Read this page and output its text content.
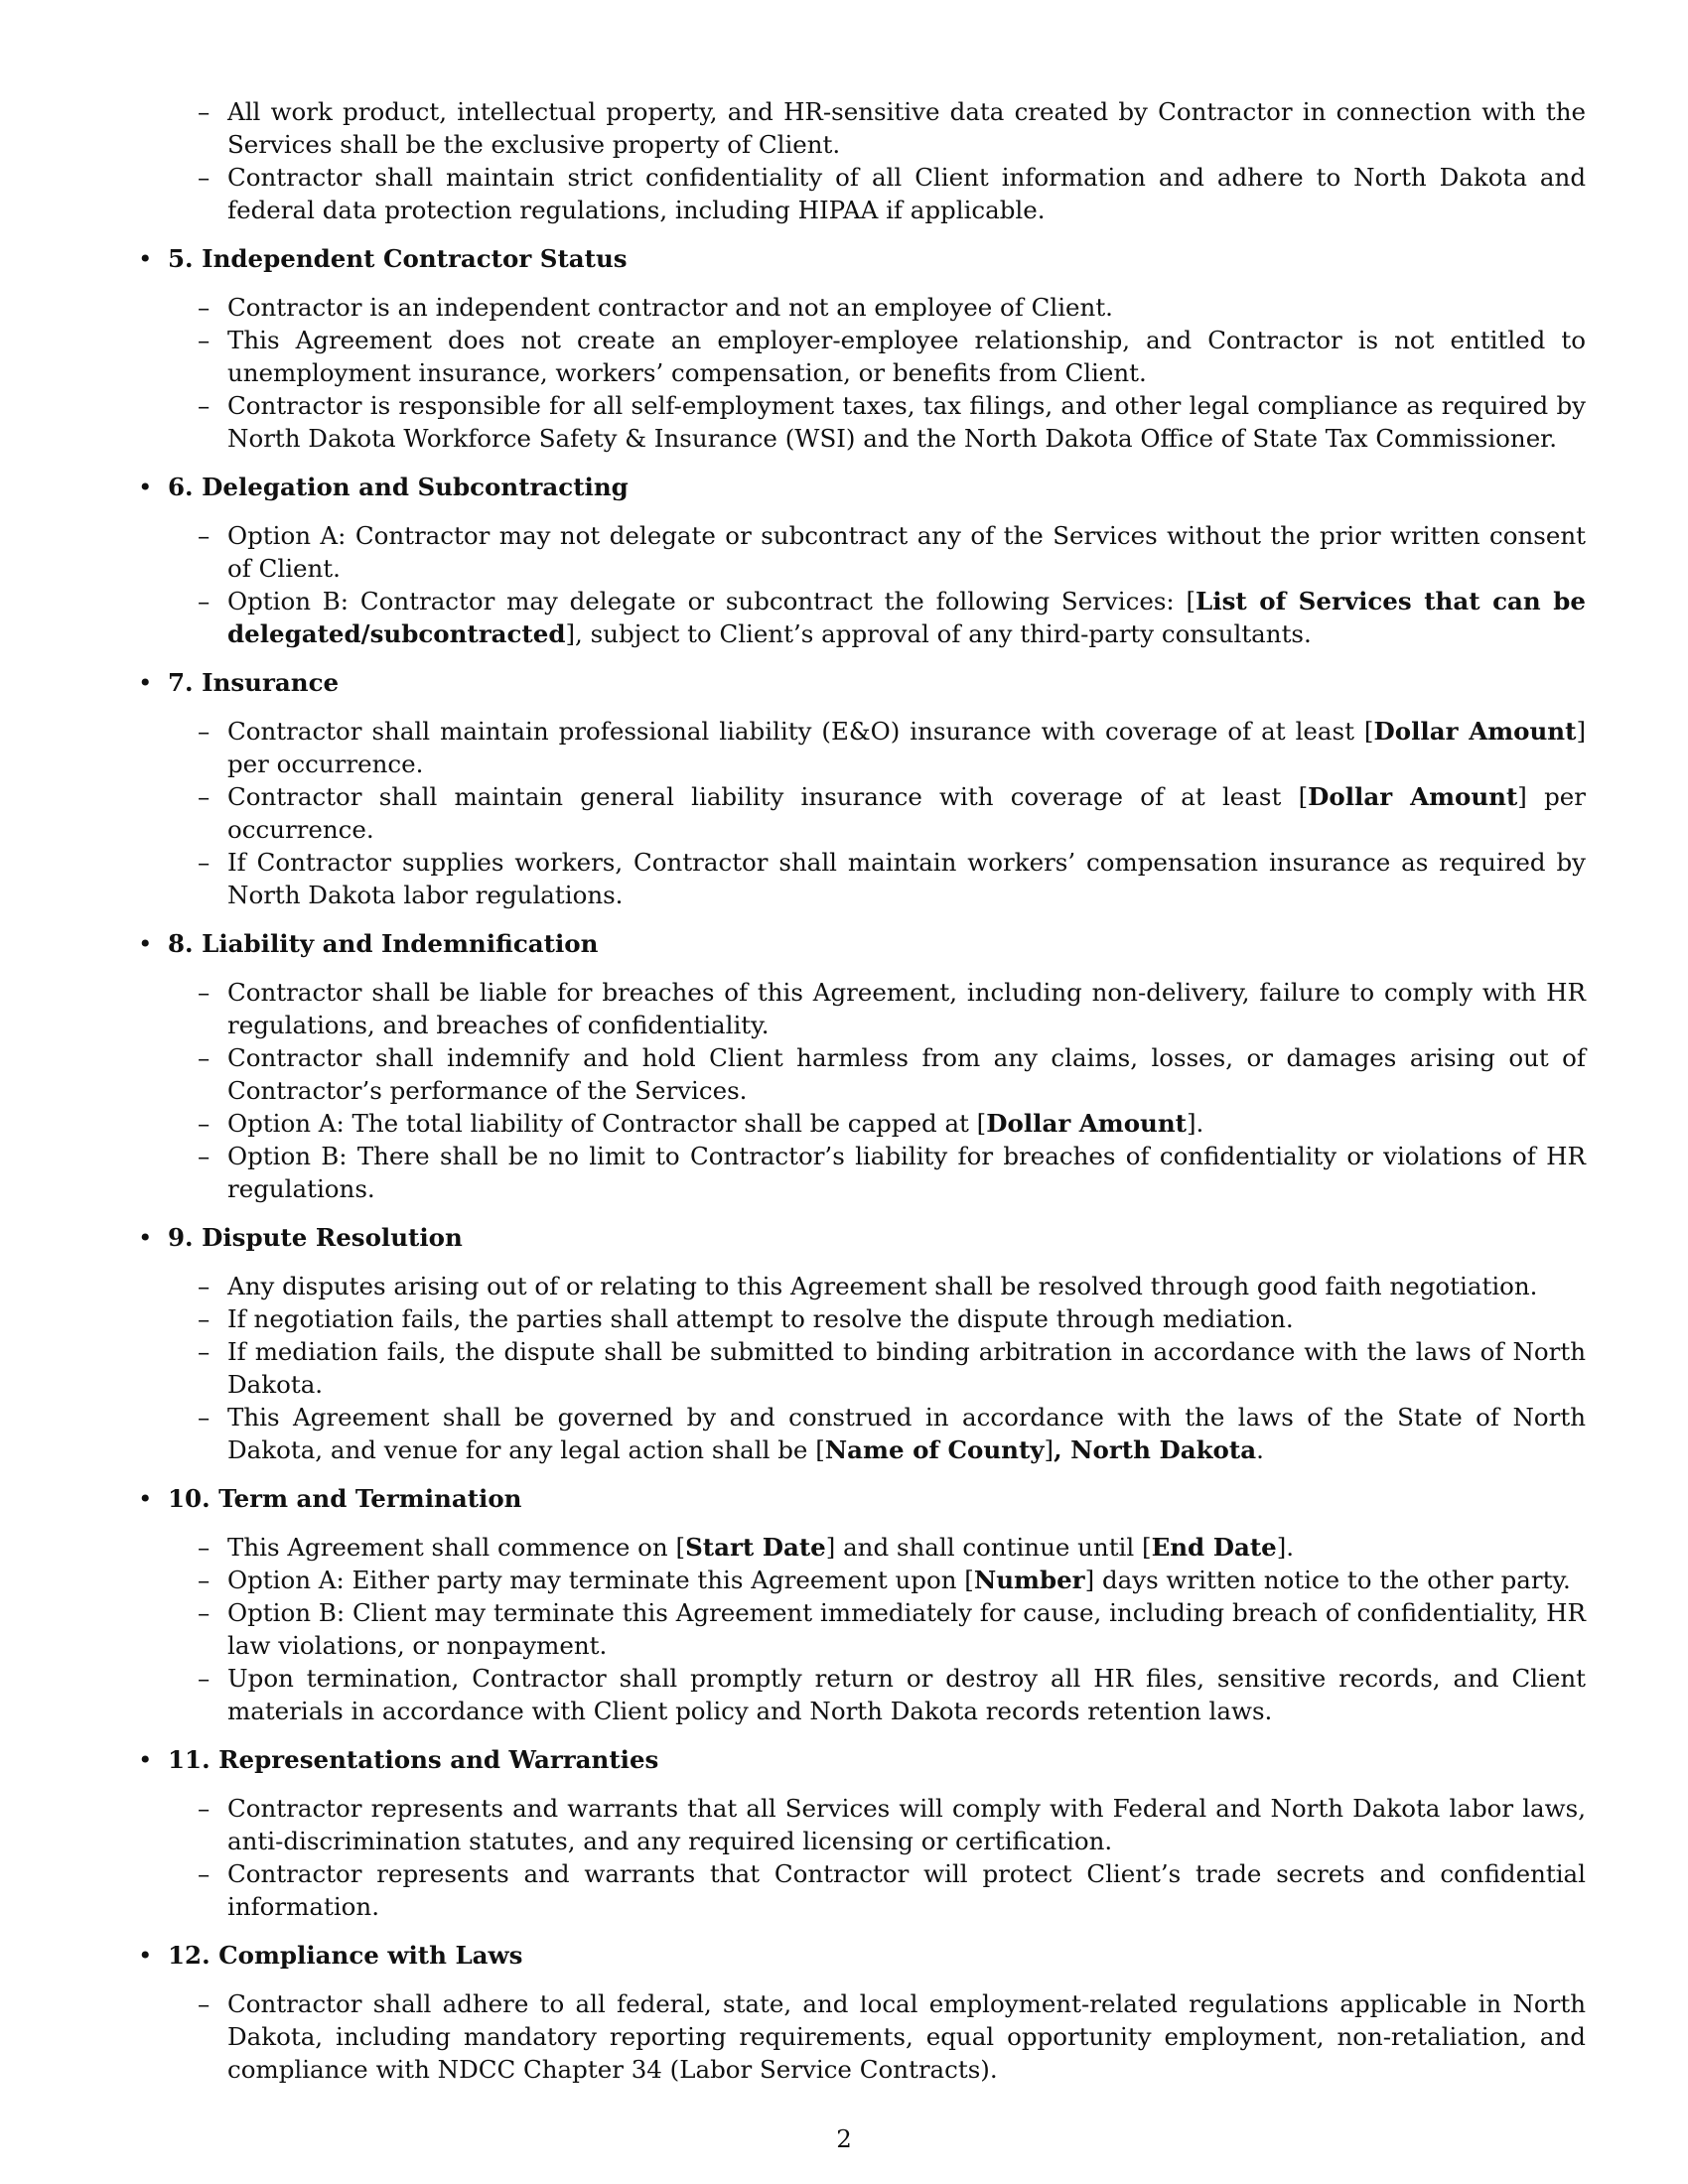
– All work product, intellectual property, and HR-sensitive data created by Contractor in connection with the Services shall be the exclusive property of Client.
– Contractor shall maintain strict confidentiality of all Client information and adhere to North Dakota and federal data protection regulations, including HIPAA if applicable.
• 5. Independent Contractor Status
– Contractor is an independent contractor and not an employee of Client.
– This Agreement does not create an employer-employee relationship, and Contractor is not entitled to unemployment insurance, workers’ compensation, or benefits from Client.
– Contractor is responsible for all self-employment taxes, tax filings, and other legal compliance as required by North Dakota Workforce Safety & Insurance (WSI) and the North Dakota Office of State Tax Commissioner.
• 6. Delegation and Subcontracting
– Option A: Contractor may not delegate or subcontract any of the Services without the prior written consent of Client.
– Option B: Contractor may delegate or subcontract the following Services: [List of Services that can be delegated/subcontracted], subject to Client’s approval of any third-party consultants.
• 7. Insurance
– Contractor shall maintain professional liability (E&O) insurance with coverage of at least [Dollar Amount] per occurrence.
– Contractor shall maintain general liability insurance with coverage of at least [Dollar Amount] per occurrence.
– If Contractor supplies workers, Contractor shall maintain workers’ compensation insurance as required by North Dakota labor regulations.
• 8. Liability and Indemnification
– Contractor shall be liable for breaches of this Agreement, including non-delivery, failure to comply with HR regulations, and breaches of confidentiality.
– Contractor shall indemnify and hold Client harmless from any claims, losses, or damages arising out of Contractor’s performance of the Services.
– Option A: The total liability of Contractor shall be capped at [Dollar Amount].
– Option B: There shall be no limit to Contractor’s liability for breaches of confidentiality or violations of HR regulations.
• 9. Dispute Resolution
– Any disputes arising out of or relating to this Agreement shall be resolved through good faith negotiation.
– If negotiation fails, the parties shall attempt to resolve the dispute through mediation.
– If mediation fails, the dispute shall be submitted to binding arbitration in accordance with the laws of North Dakota.
– This Agreement shall be governed by and construed in accordance with the laws of the State of North Dakota, and venue for any legal action shall be [Name of County], North Dakota.
• 10. Term and Termination
– This Agreement shall commence on [Start Date] and shall continue until [End Date].
– Option A: Either party may terminate this Agreement upon [Number] days written notice to the other party.
– Option B: Client may terminate this Agreement immediately for cause, including breach of confidentiality, HR law violations, or nonpayment.
– Upon termination, Contractor shall promptly return or destroy all HR files, sensitive records, and Client materials in accordance with Client policy and North Dakota records retention laws.
• 11. Representations and Warranties
– Contractor represents and warrants that all Services will comply with Federal and North Dakota labor laws, anti-discrimination statutes, and any required licensing or certification.
– Contractor represents and warrants that Contractor will protect Client’s trade secrets and confidential information.
• 12. Compliance with Laws
– Contractor shall adhere to all federal, state, and local employment-related regulations applicable in North Dakota, including mandatory reporting requirements, equal opportunity employment, non-retaliation, and compliance with NDCC Chapter 34 (Labor Service Contracts).
2
